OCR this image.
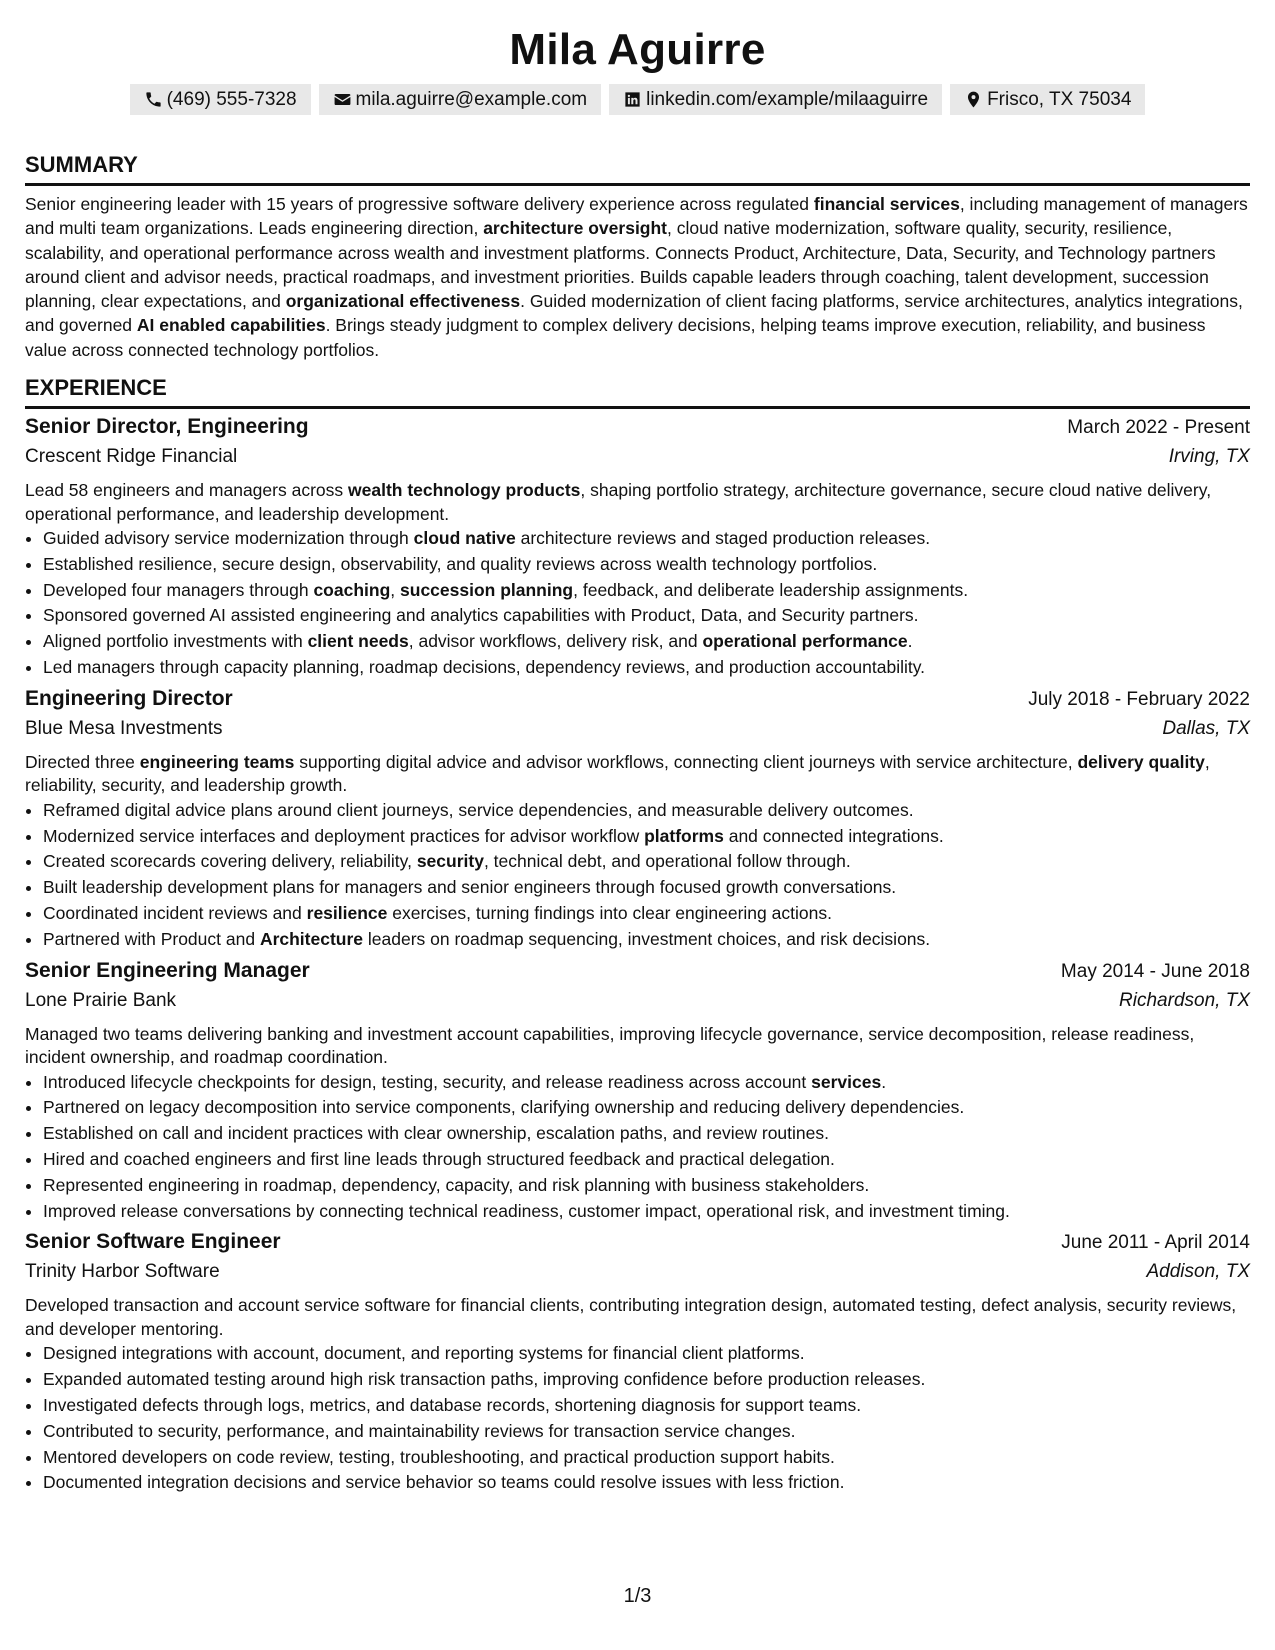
Mila Aguirre
(469) 555-7328	mila.aguirre@example.com	linkedin.com/example/milaaguirre	Frisco, TX 75034
SUMMARY

Senior engineering leader with 15 years of progressive software delivery experience across regulated financial services, including management of managers and multi team organizations. Leads engineering direction, architecture oversight, cloud native modernization, software quality, security, resilience, scalability, and operational performance across wealth and investment platforms. Connects Product, Architecture, Data, Security, and Technology partners around client and advisor needs, practical roadmaps, and investment priorities. Builds capable leaders through coaching, talent development, succession planning, clear expectations, and organizational effectiveness. Guided modernization of client facing platforms, service architectures, analytics integrations, and governed AI enabled capabilities. Brings steady judgment to complex delivery decisions, helping teams improve execution, reliability, and business value across connected technology portfolios.

EXPERIENCE
Senior Director, Engineering	March 2022 - Present
Crescent Ridge Financial	Irving, TX

Lead 58 engineers and managers across wealth technology products, shaping portfolio strategy, architecture governance, secure cloud native delivery, operational performance, and leadership development.

• Guided advisory service modernization through cloud native architecture reviews and staged production releases.
• Established resilience, secure design, observability, and quality reviews across wealth technology portfolios.
• Developed four managers through coaching, succession planning, feedback, and deliberate leadership assignments.
• Sponsored governed AI assisted engineering and analytics capabilities with Product, Data, and Security partners.
• Aligned portfolio investments with client needs, advisor workflows, delivery risk, and operational performance.
• Led managers through capacity planning, roadmap decisions, dependency reviews, and production accountability.
Engineering Director	July 2018 - February 2022
Blue Mesa Investments	Dallas, TX

Directed three engineering teams supporting digital advice and advisor workflows, connecting client journeys with service architecture, delivery quality, reliability, security, and leadership growth.

• Reframed digital advice plans around client journeys, service dependencies, and measurable delivery outcomes.
• Modernized service interfaces and deployment practices for advisor workflow platforms and connected integrations.
• Created scorecards covering delivery, reliability, security, technical debt, and operational follow through.
• Built leadership development plans for managers and senior engineers through focused growth conversations.
• Coordinated incident reviews and resilience exercises, turning findings into clear engineering actions.
• Partnered with Product and Architecture leaders on roadmap sequencing, investment choices, and risk decisions.
Senior Engineering Manager	May 2014 - June 2018
Lone Prairie Bank	Richardson, TX

Managed two teams delivering banking and investment account capabilities, improving lifecycle governance, service decomposition, release readiness, incident ownership, and roadmap coordination.

• Introduced lifecycle checkpoints for design, testing, security, and release readiness across account services.
• Partnered on legacy decomposition into service components, clarifying ownership and reducing delivery dependencies.
• Established on call and incident practices with clear ownership, escalation paths, and review routines.
• Hired and coached engineers and first line leads through structured feedback and practical delegation.
• Represented engineering in roadmap, dependency, capacity, and risk planning with business stakeholders.
• Improved release conversations by connecting technical readiness, customer impact, operational risk, and investment timing.
Senior Software Engineer	June 2011 - April 2014
Trinity Harbor Software	Addison, TX

Developed transaction and account service software for financial clients, contributing integration design, automated testing, defect analysis, security reviews, and developer mentoring.

• Designed integrations with account, document, and reporting systems for financial client platforms.
• Expanded automated testing around high risk transaction paths, improving confidence before production releases.
• Investigated defects through logs, metrics, and database records, shortening diagnosis for support teams.
• Contributed to security, performance, and maintainability reviews for transaction service changes.
• Mentored developers on code review, testing, troubleshooting, and practical production support habits.
• Documented integration decisions and service behavior so teams could resolve issues with less friction.
1/3
